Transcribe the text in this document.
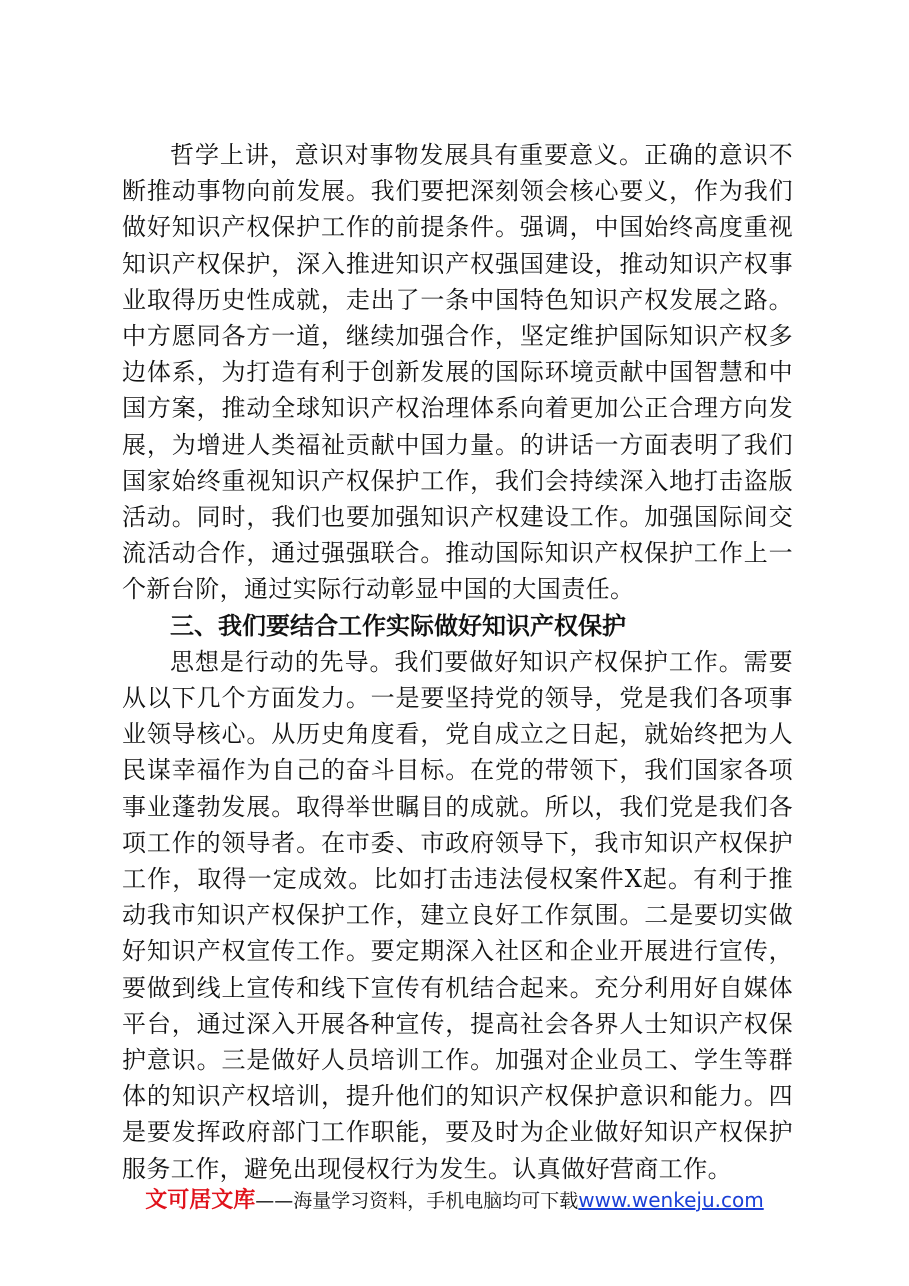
哲学上讲，意识对事物发展具有重要意义。正确的意识不断推动事物向前发展。我们要把深刻领会核心要义，作为我们做好知识产权保护工作的前提条件。强调，中国始终高度重视知识产权保护，深入推进知识产权强国建设，推动知识产权事业取得历史性成就，走出了一条中国特色知识产权发展之路。中方愿同各方一道，继续加强合作，坚定维护国际知识产权多边体系，为打造有利于创新发展的国际环境贡献中国智慧和中国方案，推动全球知识产权治理体系向着更加公正合理方向发展，为增进人类福祉贡献中国力量。的讲话一方面表明了我们国家始终重视知识产权保护工作，我们会持续深入地打击盗版活动。同时，我们也要加强知识产权建设工作。加强国际间交流活动合作，通过强强联合。推动国际知识产权保护工作上一个新台阶，通过实际行动彰显中国的大国责任。

三、我们要结合工作实际做好知识产权保护

思想是行动的先导。我们要做好知识产权保护工作。需要从以下几个方面发力。一是要坚持党的领导，党是我们各项事业领导核心。从历史角度看，党自成立之日起，就始终把为人民谋幸福作为自己的奋斗目标。在党的带领下，我们国家各项事业蓬勃发展。取得举世瞩目的成就。所以，我们党是我们各项工作的领导者。在市委、市政府领导下，我市知识产权保护工作，取得一定成效。比如打击违法侵权案件X起。有利于推动我市知识产权保护工作，建立良好工作氛围。二是要切实做好知识产权宣传工作。要定期深入社区和企业开展进行宣传，要做到线上宣传和线下宣传有机结合起来。充分利用好自媒体平台，通过深入开展各种宣传，提高社会各界人士知识产权保护意识。三是做好人员培训工作。加强对企业员工、学生等群体的知识产权培训，提升他们的知识产权保护意识和能力。四是要发挥政府部门工作职能，要及时为企业做好知识产权保护服务工作，避免出现侵权行为发生。认真做好营商工作。

文可居文库——海量学习资料，手机电脑均可下载www.wenkeju.com
